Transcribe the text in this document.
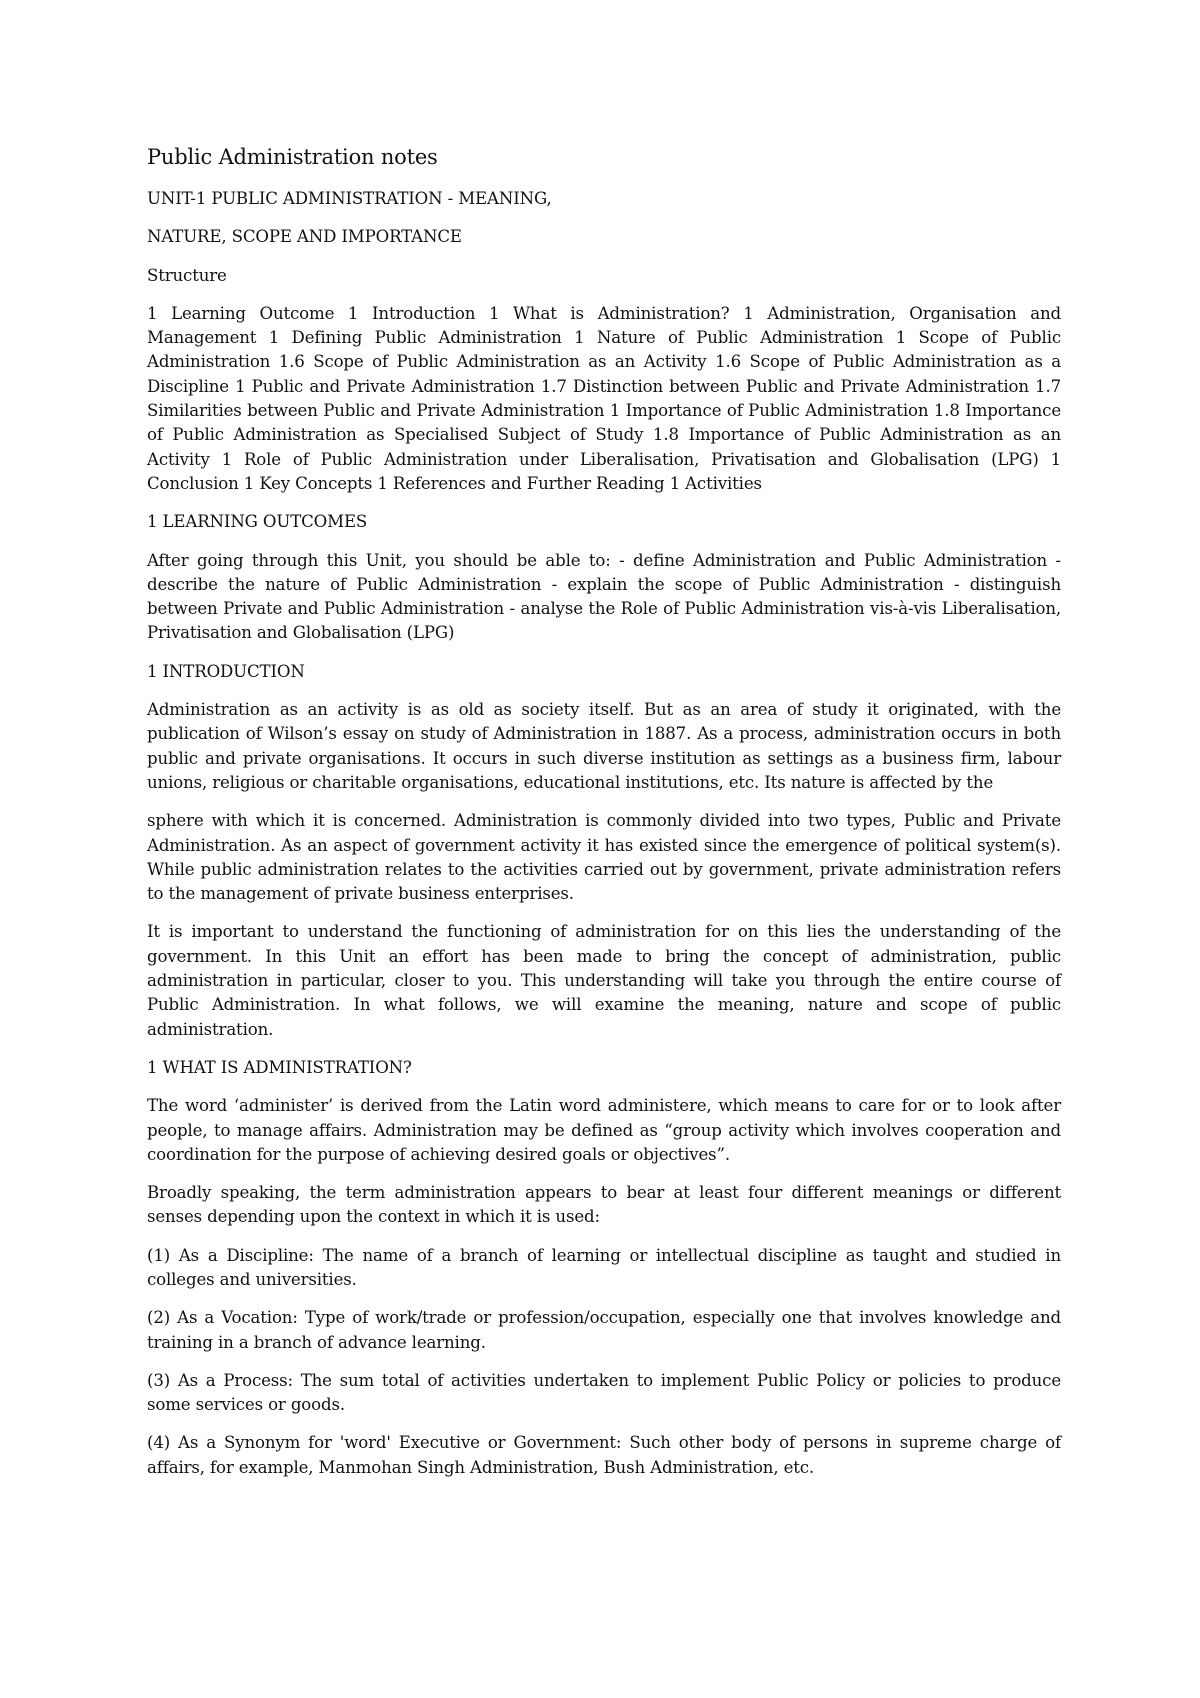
Public Administration notes
UNIT-1 PUBLIC ADMINISTRATION - MEANING,
NATURE, SCOPE AND IMPORTANCE
Structure

1 Learning Outcome 1 Introduction 1 What is Administration? 1 Administration, Organisation and Management 1 Defining Public Administration 1 Nature of Public Administration 1 Scope of Public Administration 1.6 Scope of Public Administration as an Activity 1.6 Scope of Public Administration as a Discipline 1 Public and Private Administration 1.7 Distinction between Public and Private Administration 1.7 Similarities between Public and Private Administration 1 Importance of Public Administration 1.8 Importance of Public Administration as Specialised Subject of Study 1.8 Importance of Public Administration as an Activity 1 Role of Public Administration under Liberalisation, Privatisation and Globalisation (LPG) 1 Conclusion 1 Key Concepts 1 References and Further Reading 1 Activities

1 LEARNING OUTCOMES

After going through this Unit, you should be able to: - define Administration and Public Administration - describe the nature of Public Administration - explain the scope of Public Administration - distinguish between Private and Public Administration - analyse the Role of Public Administration vis-à-vis Liberalisation, Privatisation and Globalisation (LPG)

1 INTRODUCTION

Administration as an activity is as old as society itself. But as an area of study it originated, with the publication of Wilson’s essay on study of Administration in 1887. As a process, administration occurs in both public and private organisations. It occurs in such diverse institution as settings as a business firm, labour unions, religious or charitable organisations, educational institutions, etc. Its nature is affected by the

sphere with which it is concerned. Administration is commonly divided into two types, Public and Private Administration. As an aspect of government activity it has existed since the emergence of political system(s). While public administration relates to the activities carried out by government, private administration refers to the management of private business enterprises.

It is important to understand the functioning of administration for on this lies the understanding of the government. In this Unit an effort has been made to bring the concept of administration, public administration in particular, closer to you. This understanding will take you through the entire course of Public Administration. In what follows, we will examine the meaning, nature and scope of public administration.

1 WHAT IS ADMINISTRATION?

The word ‘administer’ is derived from the Latin word administere, which means to care for or to look after people, to manage affairs. Administration may be defined as “group activity which involves cooperation and coordination for the purpose of achieving desired goals or objectives”.

Broadly speaking, the term administration appears to bear at least four different meanings or different senses depending upon the context in which it is used:

(1) As a Discipline: The name of a branch of learning or intellectual discipline as taught and studied in colleges and universities.

(2) As a Vocation: Type of work/trade or profession/occupation, especially one that involves knowledge and training in a branch of advance learning.

(3) As a Process: The sum total of activities undertaken to implement Public Policy or policies to produce some services or goods.

(4) As a Synonym for 'word' Executive or Government: Such other body of persons in supreme charge of affairs, for example, Manmohan Singh Administration, Bush Administration, etc.
